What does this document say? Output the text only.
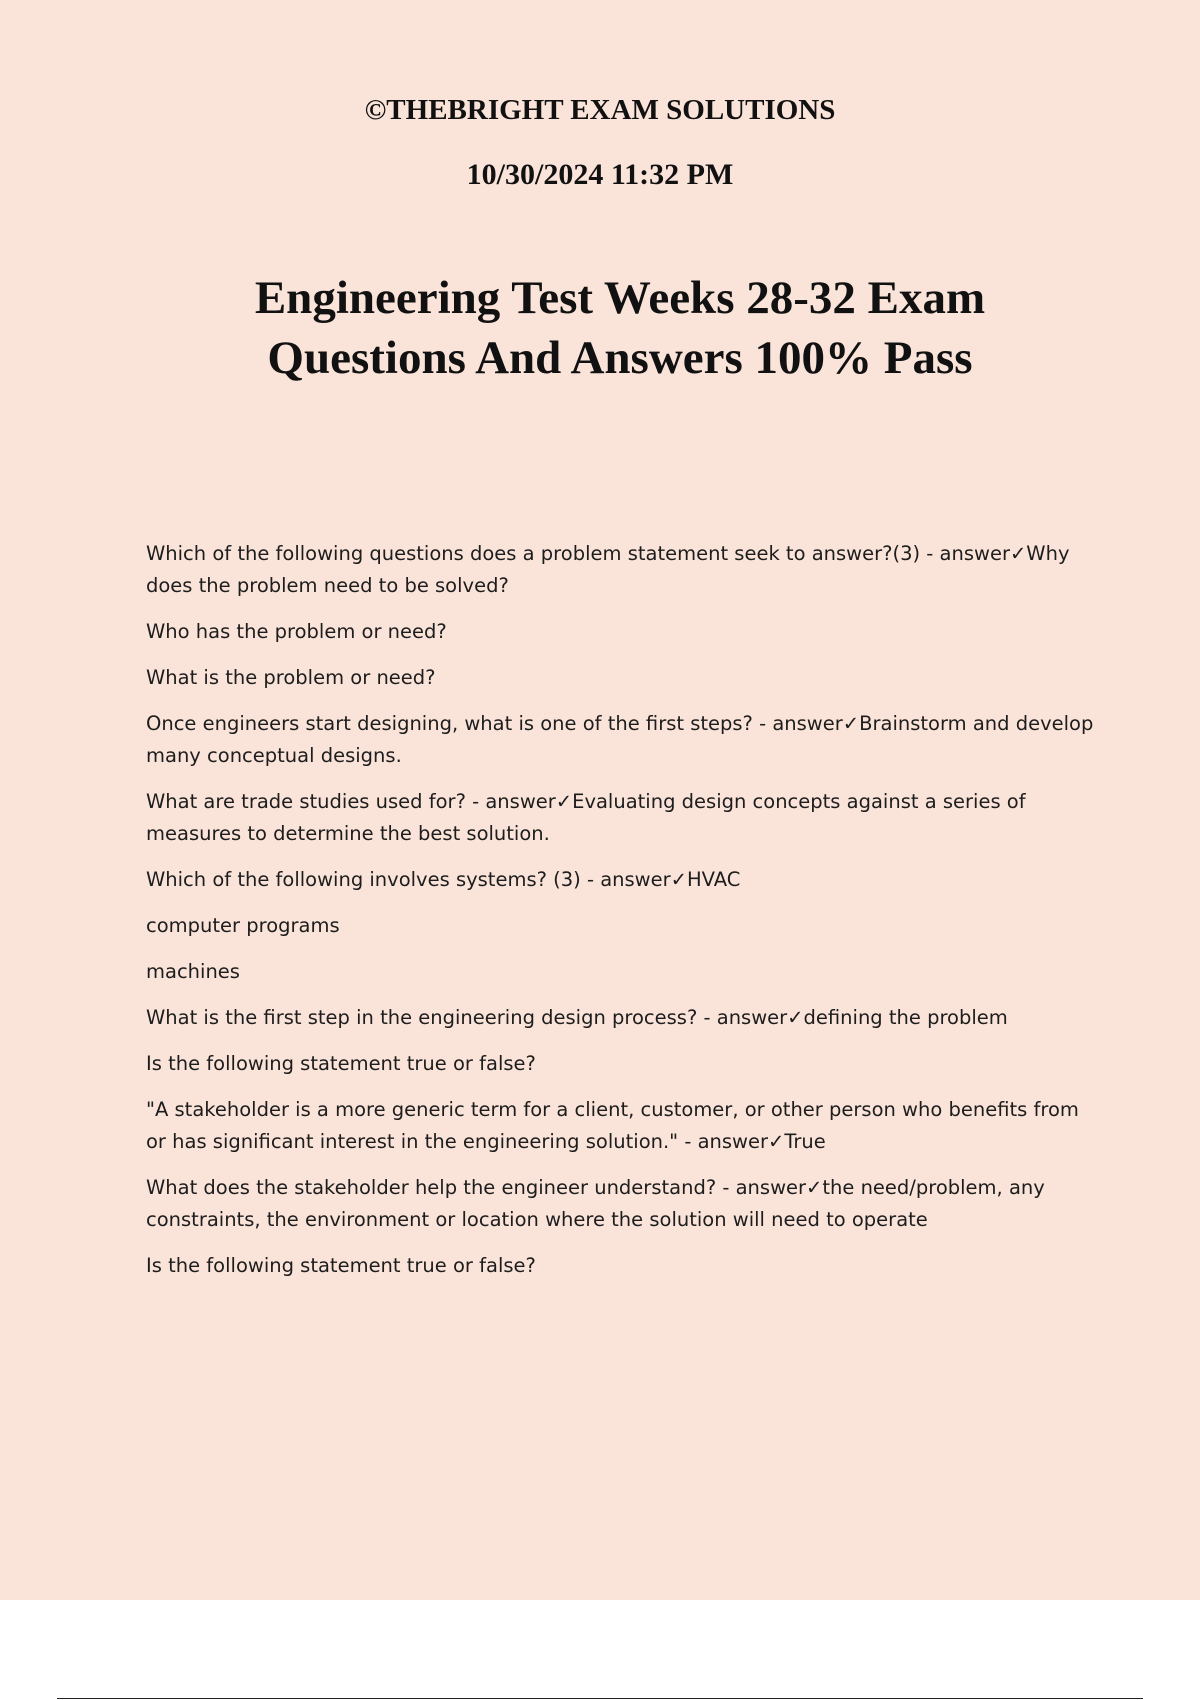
©THEBRIGHT EXAM SOLUTIONS
10/30/2024 11:32 PM
Engineering Test Weeks 28-32 Exam
Questions And Answers 100% Pass

Which of the following questions does a problem statement seek to answer?(3) - answer✓Why does the problem need to be solved?

Who has the problem or need?

What is the problem or need?

Once engineers start designing, what is one of the first steps? - answer✓Brainstorm and develop many conceptual designs.

What are trade studies used for? - answer✓Evaluating design concepts against a series of measures to determine the best solution.

Which of the following involves systems? (3) - answer✓HVAC

computer programs

machines

What is the first step in the engineering design process? - answer✓defining the problem

Is the following statement true or false?

"A stakeholder is a more generic term for a client, customer, or other person who benefits from or has significant interest in the engineering solution." - answer✓True

What does the stakeholder help the engineer understand? - answer✓the need/problem, any constraints, the environment or location where the solution will need to operate

Is the following statement true or false?
